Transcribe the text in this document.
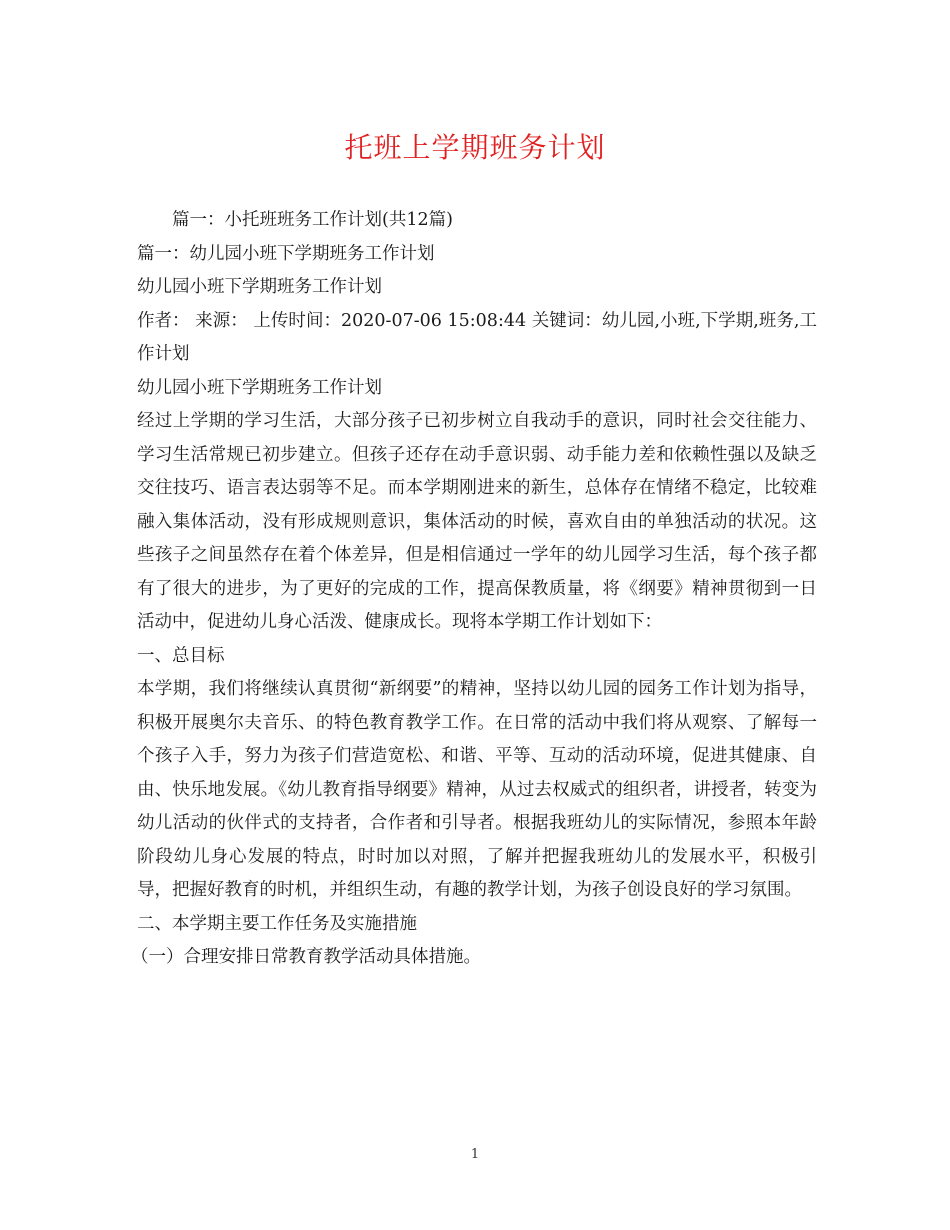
托班上学期班务计划

篇一：小托班班务工作计划(共12篇)

篇一：幼儿园小班下学期班务工作计划

幼儿园小班下学期班务工作计划

作者： 来源： 上传时间：2020-07-06 15:08:44 关键词：幼儿园,小班,下学期,班务,工作计划

幼儿园小班下学期班务工作计划

经过上学期的学习生活，大部分孩子已初步树立自我动手的意识，同时社会交往能力、学习生活常规已初步建立。但孩子还存在动手意识弱、动手能力差和依赖性强以及缺乏交往技巧、语言表达弱等不足。而本学期刚进来的新生，总体存在情绪不稳定，比较难融入集体活动，没有形成规则意识，集体活动的时候，喜欢自由的单独活动的状况。这些孩子之间虽然存在着个体差异，但是相信通过一学年的幼儿园学习生活，每个孩子都有了很大的进步，为了更好的完成的工作，提高保教质量，将《纲要》精神贯彻到一日活动中，促进幼儿身心活泼、健康成长。现将本学期工作计划如下：

一、总目标

本学期，我们将继续认真贯彻“新纲要”的精神，坚持以幼儿园的园务工作计划为指导，积极开展奥尔夫音乐、的特色教育教学工作。在日常的活动中我们将从观察、了解每一个孩子入手，努力为孩子们营造宽松、和谐、平等、互动的活动环境，促进其健康、自由、快乐地发展。《幼儿教育指导纲要》精神，从过去权威式的组织者，讲授者，转变为幼儿活动的伙伴式的支持者，合作者和引导者。根据我班幼儿的实际情况，参照本年龄阶段幼儿身心发展的特点，时时加以对照，了解并把握我班幼儿的发展水平，积极引导，把握好教育的时机，并组织生动，有趣的教学计划，为孩子创设良好的学习氛围。

二、本学期主要工作任务及实施措施

（一）合理安排日常教育教学活动具体措施。

1
